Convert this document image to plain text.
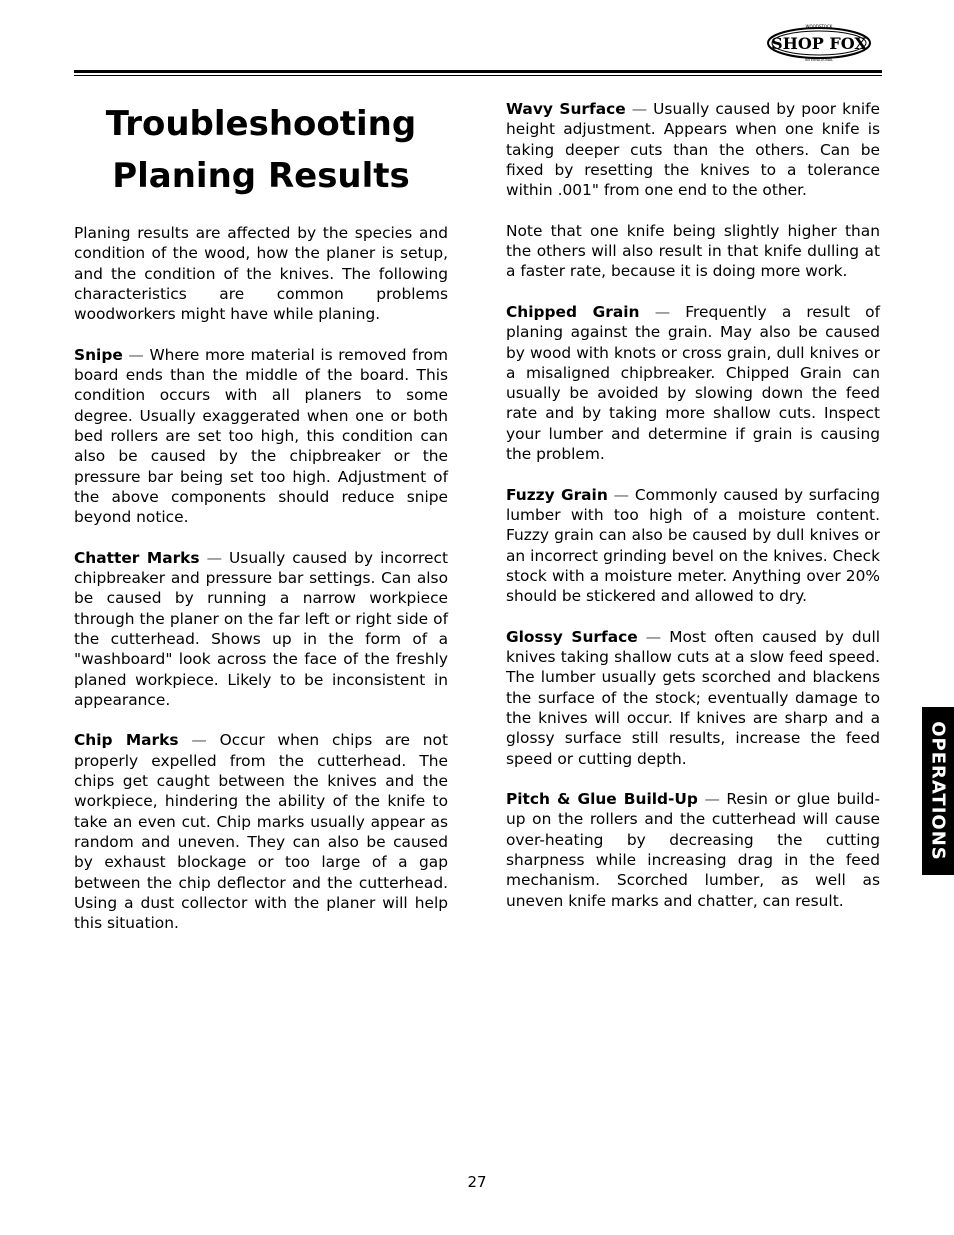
SHOP FOX
WOODSTOCK
INTERNATIONAL
Troubleshooting
Planing Results

Planing results are affected by the species and condition of the wood, how the planer is setup, and the condition of the knives. The following characteristics are common problems woodworkers might have while planing.

Snipe — Where more material is removed from board ends than the middle of the board. This condition occurs with all planers to some degree. Usually exaggerated when one or both bed rollers are set too high, this condition can also be caused by the chipbreaker or the pressure bar being set too high. Adjustment of the above components should reduce snipe beyond notice.

Chatter Marks — Usually caused by incorrect chipbreaker and pressure bar settings. Can also be caused by running a narrow workpiece through the planer on the far left or right side of the cutterhead. Shows up in the form of a "washboard" look across the face of the freshly planed workpiece. Likely to be inconsistent in appearance.

Chip Marks — Occur when chips are not properly expelled from the cutterhead. The chips get caught between the knives and the workpiece, hindering the ability of the knife to take an even cut. Chip marks usually appear as random and uneven. They can also be caused by exhaust blockage or too large of a gap between the chip deflector and the cutterhead. Using a dust collector with the planer will help this situation.

Wavy Surface — Usually caused by poor knife height adjustment. Appears when one knife is taking deeper cuts than the others. Can be fixed by resetting the knives to a tolerance within .001" from one end to the other.

Note that one knife being slightly higher than the others will also result in that knife dulling at a faster rate, because it is doing more work.

Chipped Grain — Frequently a result of planing against the grain. May also be caused by wood with knots or cross grain, dull knives or a misaligned chipbreaker. Chipped Grain can usually be avoided by slowing down the feed rate and by taking more shallow cuts. Inspect your lumber and determine if grain is causing the problem.

Fuzzy Grain — Commonly caused by surfacing lumber with too high of a moisture content. Fuzzy grain can also be caused by dull knives or an incorrect grinding bevel on the knives. Check stock with a moisture meter. Anything over 20% should be stickered and allowed to dry.

Glossy Surface — Most often caused by dull knives taking shallow cuts at a slow feed speed. The lumber usually gets scorched and blackens the surface of the stock; eventually damage to the knives will occur. If knives are sharp and a glossy surface still results, increase the feed speed or cutting depth.

Pitch & Glue Build-Up — Resin or glue build-up on the rollers and the cutterhead will cause over-heating by decreasing the cutting sharpness while increasing drag in the feed mechanism. Scorched lumber, as well as uneven knife marks and chatter, can result.

OPERATIONS
27
